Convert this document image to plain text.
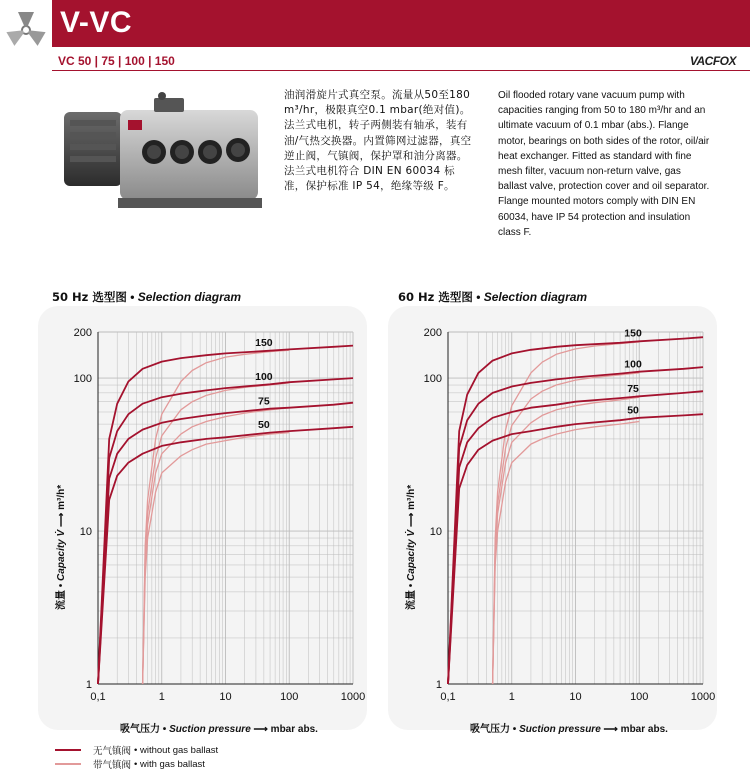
V-VC
VC 50 | 75 | 100 | 150	VACFOX

油润滑旋片式真空泵。流量从50至180 m³/hr，极限真空0.1 mbar(绝对值)。法兰式电机，转子两侧装有轴承，装有油/气热交换器。内置筛网过滤器，真空逆止阀，气镇阀，保护罩和油分离器。

法兰式电机符合 DIN EN 60034 标准，保护标准 IP 54，绝缘等级 F。

Oil flooded rotary vane vacuum pump with capacities ranging from 50 to 180 m³/hr and an ultimate vacuum of 0.1 mbar (abs.). Flange motor, bearings on both sides of the rotor, oil/air heat exchanger. Fitted as standard with fine mesh filter, vacuum non-return valve, gas ballast valve, protection cover and oil separator.

Flange mounted motors comply with DIN EN 60034, have IP 54 protection and insulation class F.

50 Hz 选型图 • Selection diagram	60 Hz 选型图 • Selection diagram
0,1	1	10	100	1000
1
10
100
200
150
100
75
50
0,1	1	10	100	1000
1
10
100
200	150
100
75
50
流量 • Capacity V̇ ⟶ m³/h*
流量 • Capacity V̇ ⟶ m³/h*
吸气压力 • Suction pressure ⟶ mbar abs.	吸气压力 • Suction pressure ⟶ mbar abs.
无气镇阀 • without gas ballast
带气镇阀 • with gas ballast
